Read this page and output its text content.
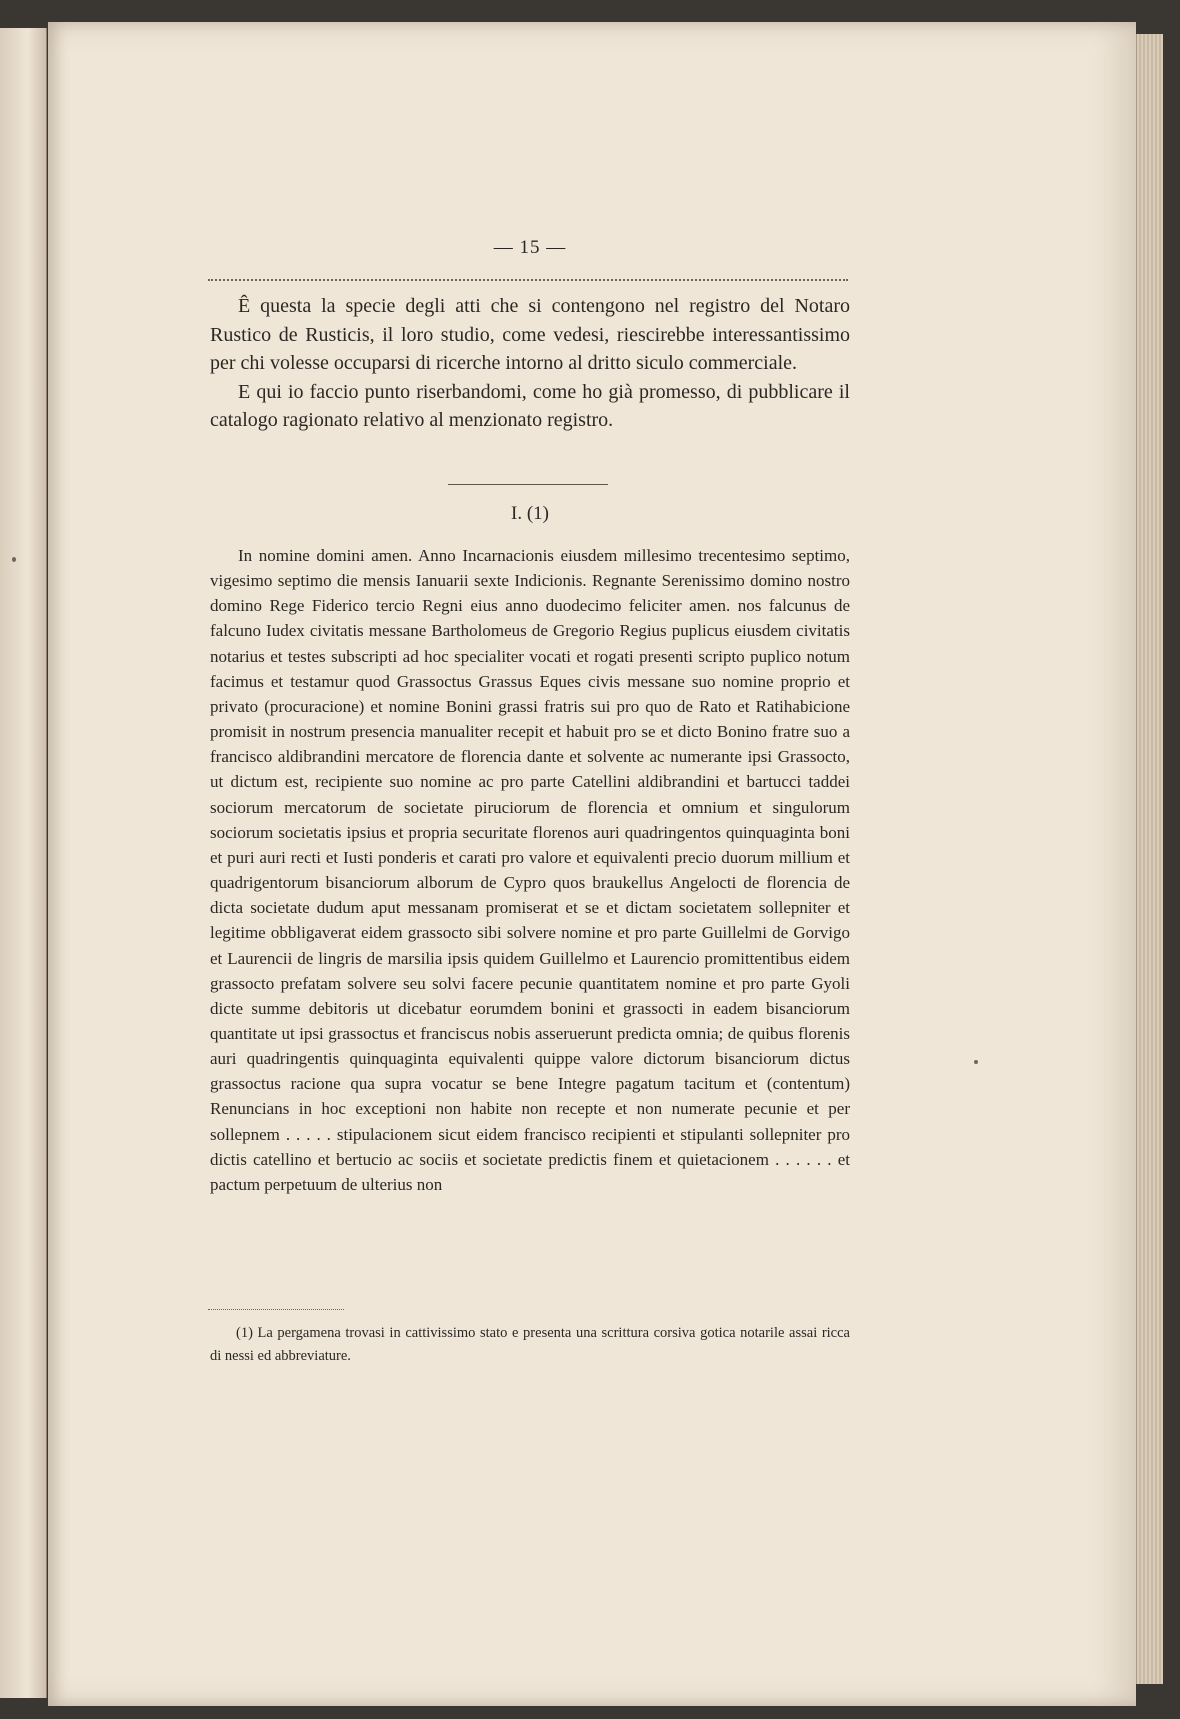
— 15 —

Ê questa la specie degli atti che si contengono nel registro del Notaro Rustico de Rusticis, il loro studio, come vedesi, riescirebbe interessantissimo per chi volesse occuparsi di ricerche intorno al dritto siculo commerciale.

E qui io faccio punto riserbandomi, come ho già promesso, di pubblicare il catalogo ragionato relativo al menzionato registro.

I. (1)

In nomine domini amen. Anno Incarnacionis eiusdem millesimo trecentesimo septimo, vigesimo septimo die mensis Ianuarii sexte Indicionis. Regnante Serenissimo domino nostro domino Rege Fiderico tercio Regni eius anno duodecimo feliciter amen. nos falcunus de falcuno Iudex civitatis messane Bartholomeus de Gregorio Regius puplicus eiusdem civitatis notarius et testes subscripti ad hoc specialiter vocati et rogati presenti scripto puplico notum facimus et testamur quod Grassoctus Grassus Eques civis messane suo nomine proprio et privato (procuracione) et nomine Bonini grassi fratris sui pro quo de Rato et Ratihabicione promisit in nostrum presencia manualiter recepit et habuit pro se et dicto Bonino fratre suo a francisco aldibrandini mercatore de florencia dante et solvente ac numerante ipsi Grassocto, ut dictum est, recipiente suo nomine ac pro parte Catellini aldibrandini et bartucci taddei sociorum mercatorum de societate piruciorum de florencia et omnium et singulorum sociorum societatis ipsius et propria securitate florenos auri quadringentos quinquaginta boni et puri auri recti et Iusti ponderis et carati pro valore et equivalenti precio duorum millium et quadrigentorum bisanciorum alborum de Cypro quos braukellus Angelocti de florencia de dicta societate dudum aput messanam promiserat et se et dictam societatem sollepniter et legitime obbligaverat eidem grassocto sibi solvere nomine et pro parte Guillelmi de Gorvigo et Laurencii de lingris de marsilia ipsis quidem Guillelmo et Laurencio promittentibus eidem grassocto prefatam solvere seu solvi facere pecunie quantitatem nomine et pro parte Gyoli dicte summe debitoris ut dicebatur eorumdem bonini et grassocti in eadem bisanciorum quantitate ut ipsi grassoctus et franciscus nobis asseruerunt predicta omnia; de quibus florenis auri quadringentis quinquaginta equivalenti quippe valore dictorum bisanciorum dictus grassoctus racione qua supra vocatur se bene Integre pagatum tacitum et (contentum) Renuncians in hoc exceptioni non habite non recepte et non numerate pecunie et per sollepnem . . . . . stipulacionem sicut eidem francisco recipienti et stipulanti sollepniter pro dictis catellino et bertucio ac sociis et societate predictis finem et quietacionem . . . . . . et pactum perpetuum de ulterius non

(1) La pergamena trovasi in cattivissimo stato e presenta una scrittura corsiva gotica notarile assai ricca di nessi ed abbreviature.
